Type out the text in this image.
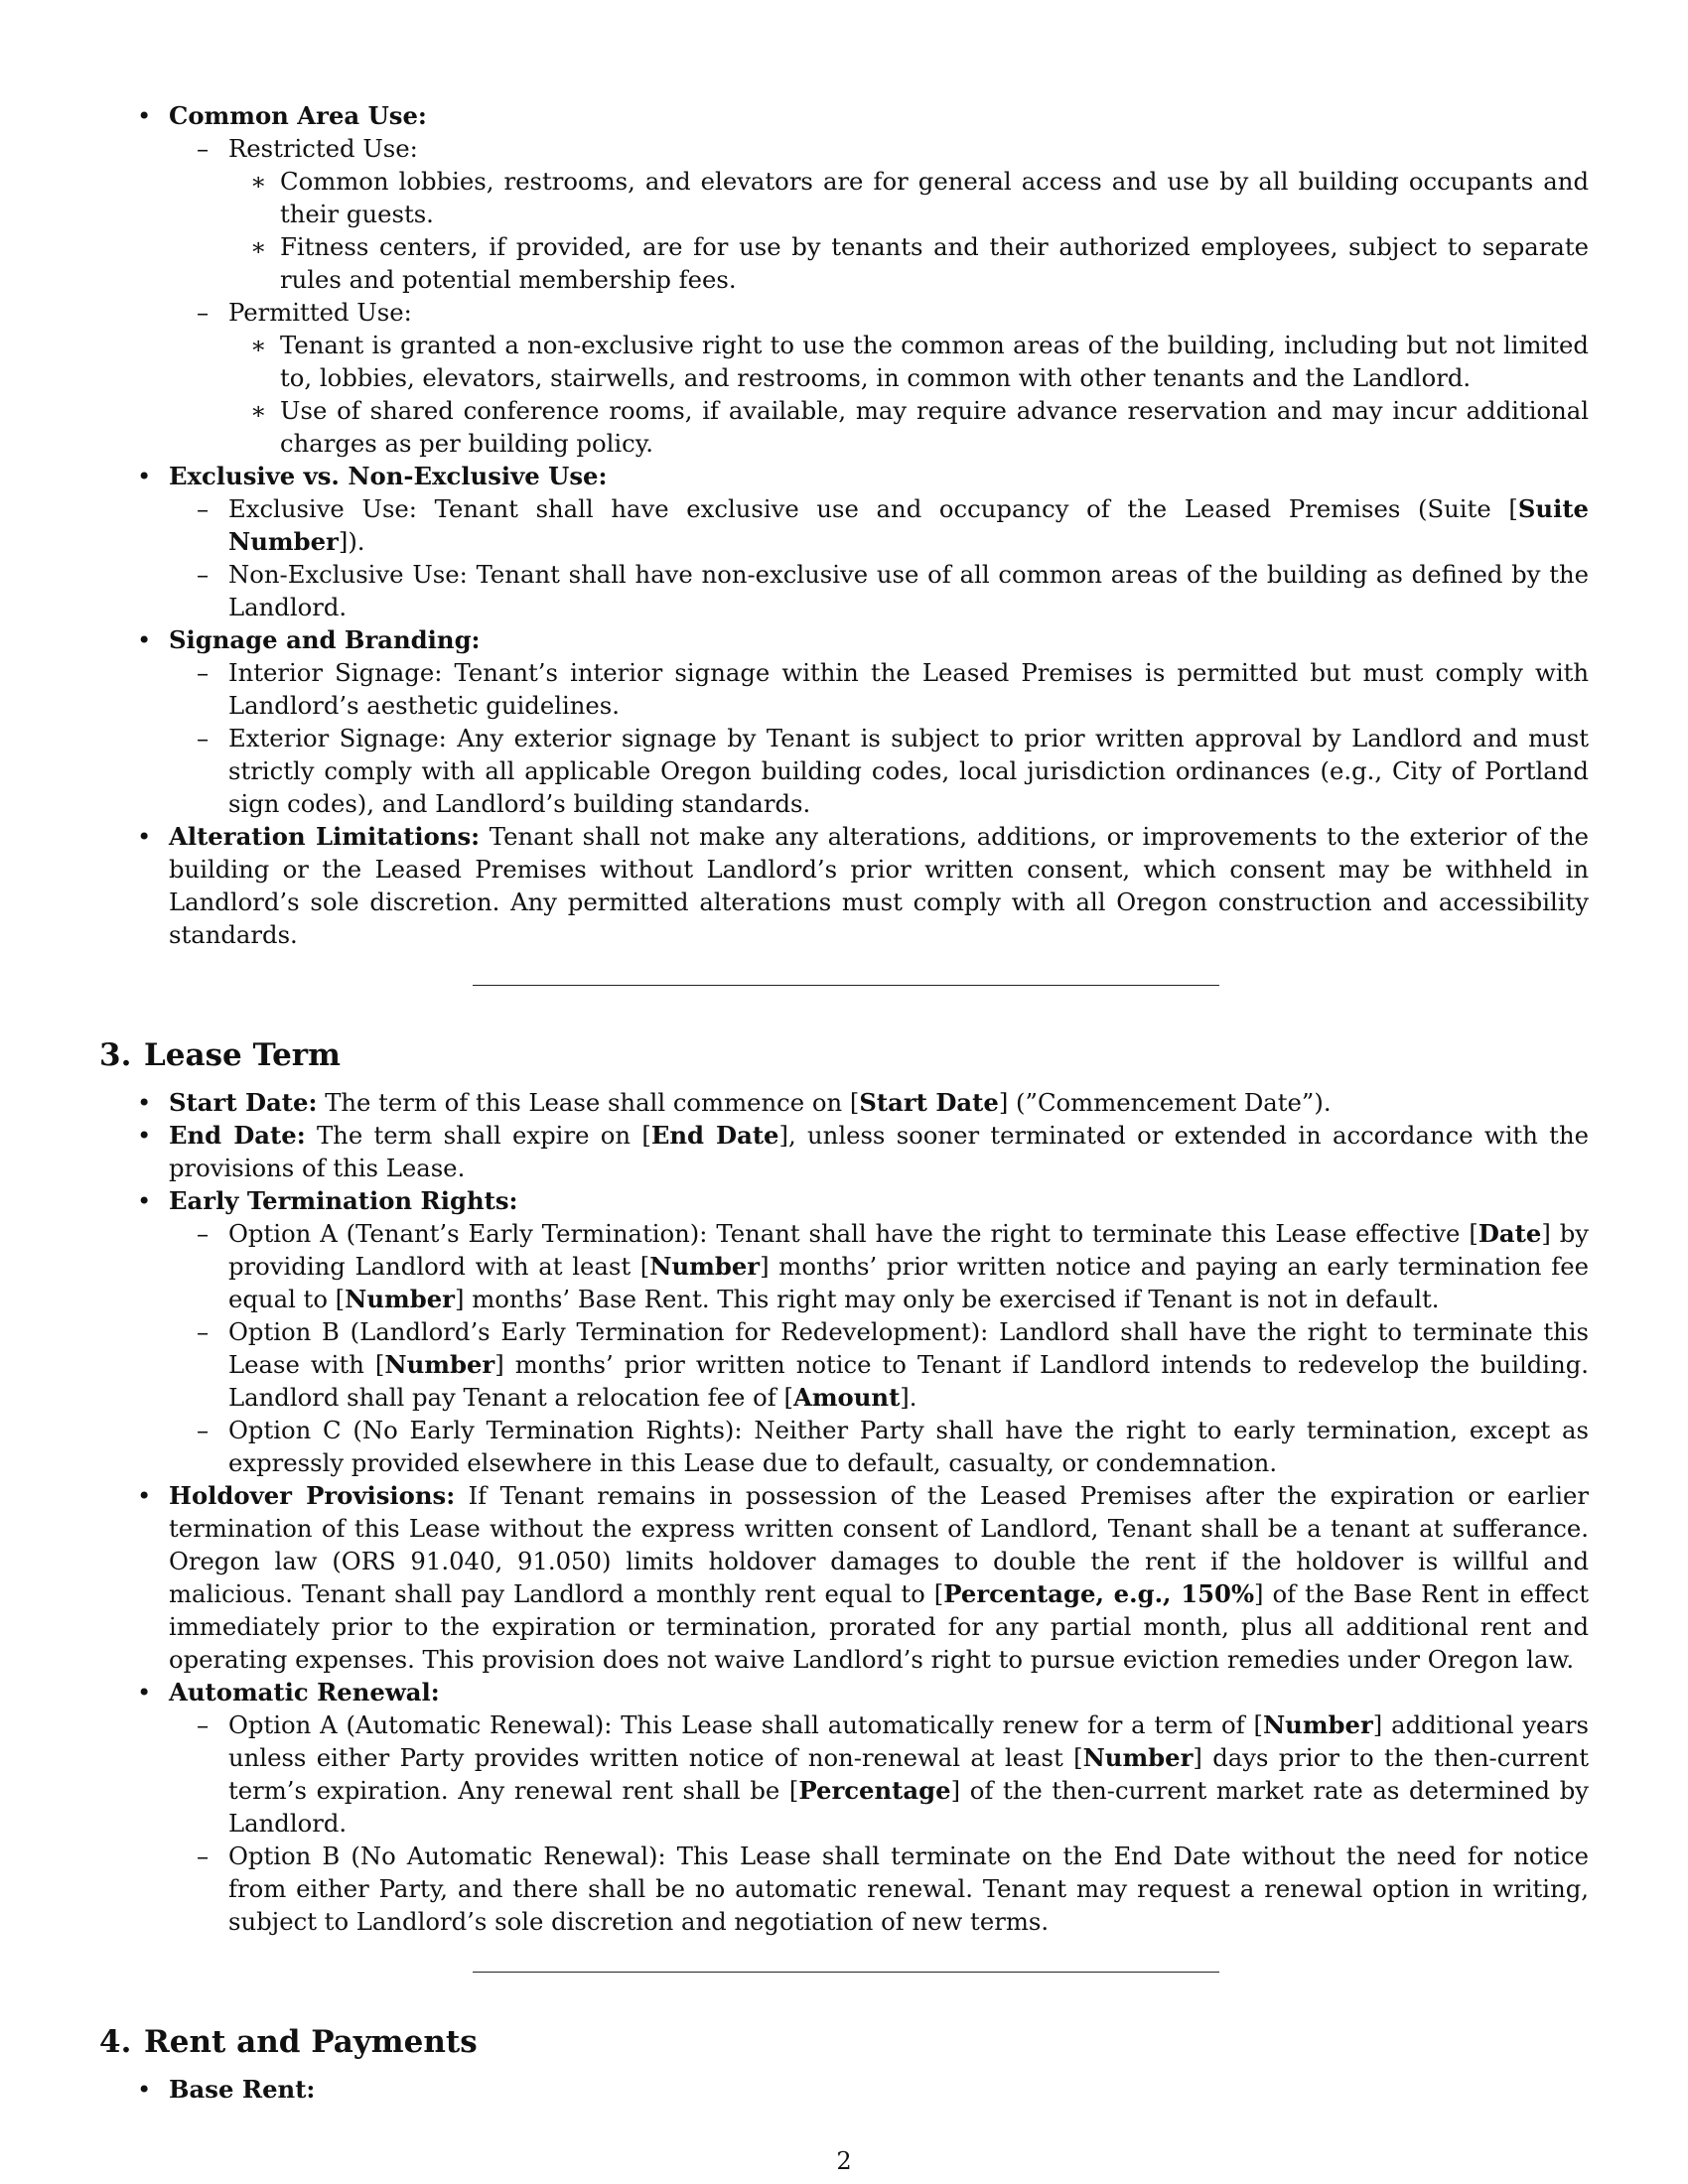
• Common Area Use:
– Restricted Use:
∗ Common lobbies, restrooms, and elevators are for general access and use by all building occupants and their guests.
∗ Fitness centers, if provided, are for use by tenants and their authorized employees, subject to separate rules and potential membership fees.
– Permitted Use:
∗ Tenant is granted a non-exclusive right to use the common areas of the building, including but not limited to, lobbies, elevators, stairwells, and restrooms, in common with other tenants and the Landlord.
∗ Use of shared conference rooms, if available, may require advance reservation and may incur additional charges as per building policy.
• Exclusive vs. Non-Exclusive Use:
– Exclusive Use: Tenant shall have exclusive use and occupancy of the Leased Premises (Suite [Suite Number]).
– Non-Exclusive Use: Tenant shall have non-exclusive use of all common areas of the building as defined by the Landlord.
• Signage and Branding:
– Interior Signage: Tenant’s interior signage within the Leased Premises is permitted but must comply with Landlord’s aesthetic guidelines.
– Exterior Signage: Any exterior signage by Tenant is subject to prior written approval by Landlord and must strictly comply with all applicable Oregon building codes, local jurisdiction ordinances (e.g., City of Portland sign codes), and Landlord’s building standards.
• Alteration Limitations: Tenant shall not make any alterations, additions, or improvements to the exterior of the building or the Leased Premises without Landlord’s prior written consent, which consent may be withheld in Landlord’s sole discretion. Any permitted alterations must comply with all Oregon construction and accessibility standards.
3. Lease Term
• Start Date: The term of this Lease shall commence on [Start Date] (”Commencement Date”).
• End Date: The term shall expire on [End Date], unless sooner terminated or extended in accordance with the provisions of this Lease.
• Early Termination Rights:
– Option A (Tenant’s Early Termination): Tenant shall have the right to terminate this Lease effective [Date] by providing Landlord with at least [Number] months’ prior written notice and paying an early termination fee equal to [Number] months’ Base Rent. This right may only be exercised if Tenant is not in default.
– Option B (Landlord’s Early Termination for Redevelopment): Landlord shall have the right to terminate this Lease with [Number] months’ prior written notice to Tenant if Landlord intends to redevelop the building. Landlord shall pay Tenant a relocation fee of [Amount].
– Option C (No Early Termination Rights): Neither Party shall have the right to early termination, except as expressly provided elsewhere in this Lease due to default, casualty, or condemnation.
• Holdover Provisions: If Tenant remains in possession of the Leased Premises after the expiration or earlier termination of this Lease without the express written consent of Landlord, Tenant shall be a tenant at sufferance. Oregon law (ORS 91.040, 91.050) limits holdover damages to double the rent if the holdover is willful and malicious. Tenant shall pay Landlord a monthly rent equal to [Percentage, e.g., 150%] of the Base Rent in effect immediately prior to the expiration or termination, prorated for any partial month, plus all additional rent and operating expenses. This provision does not waive Landlord’s right to pursue eviction remedies under Oregon law.
• Automatic Renewal:
– Option A (Automatic Renewal): This Lease shall automatically renew for a term of [Number] additional years unless either Party provides written notice of non-renewal at least [Number] days prior to the then-current term’s expiration. Any renewal rent shall be [Percentage] of the then-current market rate as determined by Landlord.
– Option B (No Automatic Renewal): This Lease shall terminate on the End Date without the need for notice from either Party, and there shall be no automatic renewal. Tenant may request a renewal option in writing, subject to Landlord’s sole discretion and negotiation of new terms.
4. Rent and Payments
• Base Rent:
2
